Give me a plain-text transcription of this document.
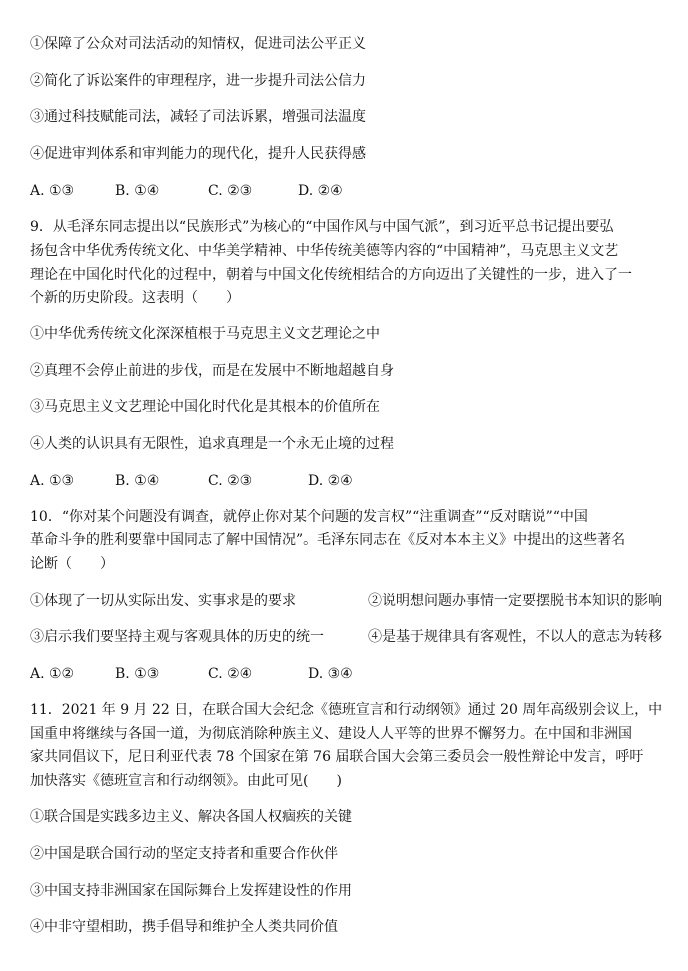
①保障了公众对司法活动的知情权，促进司法公平正义
②简化了诉讼案件的审理程序，进一步提升司法公信力
③通过科技赋能司法，减轻了司法诉累，增强司法温度
④促进审判体系和审判能力的现代化，提升人民获得感
A. ①③	B. ①④	C. ②③	D. ②④
9．从毛泽东同志提出以“民族形式”为核心的“中国作风与中国气派”，到习近平总书记提出要弘
扬包含中华优秀传统文化、中华美学精神、中华传统美德等内容的“中国精神”，马克思主义文艺
理论在中国化时代化的过程中，朝着与中国文化传统相结合的方向迈出了关键性的一步，进入了一
个新的历史阶段。这表明（　　）
①中华优秀传统文化深深植根于马克思主义文艺理论之中
②真理不会停止前进的步伐，而是在发展中不断地超越自身
③马克思主义文艺理论中国化时代化是其根本的价值所在
④人类的认识具有无限性，追求真理是一个永无止境的过程
A. ①③	B. ①④	C. ②③	D. ②④
10．“你对某个问题没有调查，就停止你对某个问题的发言权”“注重调查”“反对瞎说”“中国
革命斗争的胜利要靠中国同志了解中国情况”。毛泽东同志在《反对本本主义》中提出的这些著名
论断（　　）
①体现了一切从实际出发、实事求是的要求	②说明想问题办事情一定要摆脱书本知识的影响
③启示我们要坚持主观与客观具体的历史的统一	④是基于规律具有客观性，不以人的意志为转移
A. ①②	B. ①③	C. ②④	D. ③④
11．2021 年 9 月 22 日，在联合国大会纪念《德班宣言和行动纲领》通过 20 周年高级别会议上，中
国重申将继续与各国一道，为彻底消除种族主义、建设人人平等的世界不懈努力。在中国和非洲国
家共同倡议下，尼日利亚代表 78 个国家在第 76 届联合国大会第三委员会一般性辩论中发言，呼吁
加快落实《德班宣言和行动纲领》。由此可见(　　)
①联合国是实践多边主义、解决各国人权痼疾的关键
②中国是联合国行动的坚定支持者和重要合作伙伴
③中国支持非洲国家在国际舞台上发挥建设性的作用
④中非守望相助，携手倡导和维护全人类共同价值
